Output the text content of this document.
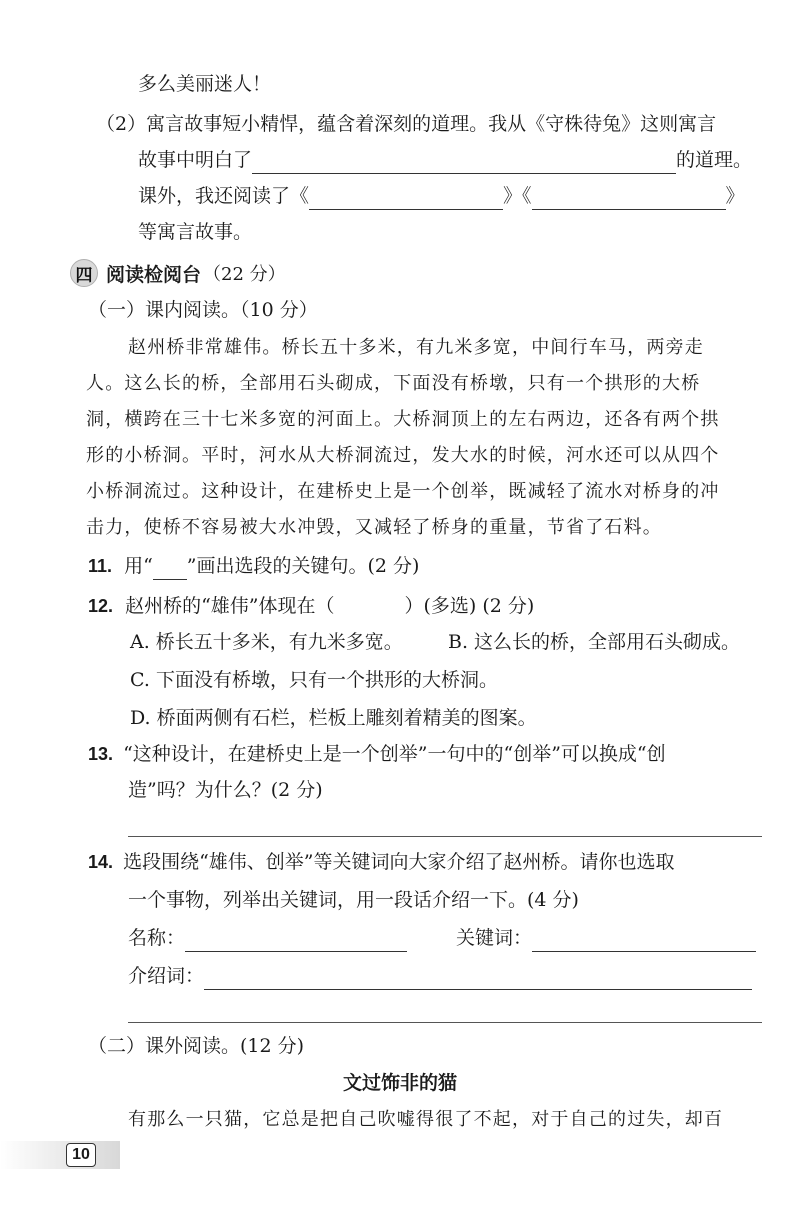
多么美丽迷人！
（2）寓言故事短小精悍，蕴含着深刻的道理。我从《守株待兔》这则寓言
故事中明白了	的道理。
课外，我还阅读了《	》《	》
等寓言故事。
四 阅读检阅台 （22 分）
（一）课内阅读。（10 分）
赵州桥非常雄伟。桥长五十多米，有九米多宽，中间行车马，两旁走
人。这么长的桥，全部用石头砌成，下面没有桥墩，只有一个拱形的大桥
洞，横跨在三十七米多宽的河面上。大桥洞顶上的左右两边，还各有两个拱
形的小桥洞。平时，河水从大桥洞流过，发大水的时候，河水还可以从四个
小桥洞流过。这种设计，在建桥史上是一个创举，既减轻了流水对桥身的冲
击力，使桥不容易被大水冲毁，又减轻了桥身的重量，节省了石料。
11. 用“ ”画出选段的关键句。(2 分)
12. 赵州桥的“雄伟”体现在（	）(多选) (2 分)
A. 桥长五十多米，有九米多宽。 B. 这么长的桥，全部用石头砌成。
C. 下面没有桥墩，只有一个拱形的大桥洞。
D. 桥面两侧有石栏，栏板上雕刻着精美的图案。
13. “这种设计，在建桥史上是一个创举”一句中的“创举”可以换成“创
造”吗？为什么？(2 分)
14. 选段围绕“雄伟、创举”等关键词向大家介绍了赵州桥。请你也选取
一个事物，列举出关键词，用一段话介绍一下。(4 分)
名称：	关键词：
介绍词：
（二）课外阅读。(12 分)
文过饰非的猫
有那么一只猫，它总是把自己吹嘘得很了不起，对于自己的过失，却百
10
